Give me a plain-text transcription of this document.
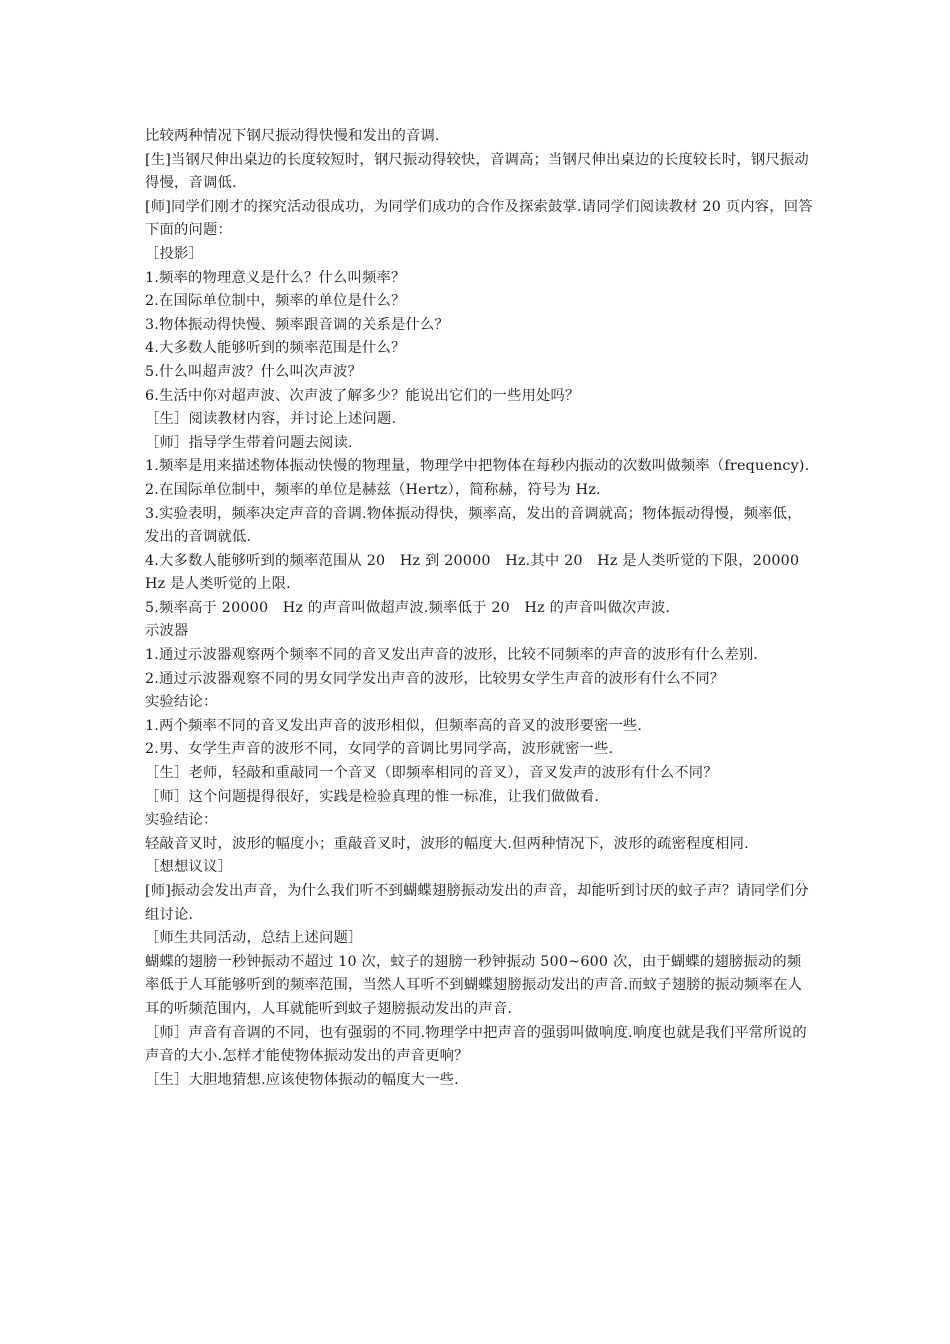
比较两种情况下钢尺振动得快慢和发出的音调.

[生]当钢尺伸出桌边的长度较短时，钢尺振动得较快，音调高；当钢尺伸出桌边的长度较长时，钢尺振动得慢，音调低.

[师]同学们刚才的探究活动很成功，为同学们成功的合作及探索鼓掌.请同学们阅读教材 20 页内容，回答下面的问题：

［投影］

1.频率的物理意义是什么？什么叫频率？

2.在国际单位制中，频率的单位是什么？

3.物体振动得快慢、频率跟音调的关系是什么？

4.大多数人能够听到的频率范围是什么？

5.什么叫超声波？什么叫次声波？

6.生活中你对超声波、次声波了解多少？能说出它们的一些用处吗？

［生］阅读教材内容，并讨论上述问题.

［师］指导学生带着问题去阅读.

1.频率是用来描述物体振动快慢的物理量，物理学中把物体在每秒内振动的次数叫做频率（frequency).

2.在国际单位制中，频率的单位是赫兹（Hertz），简称赫，符号为 Hz.

3.实验表明，频率决定声音的音调.物体振动得快，频率高，发出的音调就高；物体振动得慢，频率低，发出的音调就低.

4.大多数人能够听到的频率范围从 20　Hz 到 20000　Hz.其中 20　Hz 是人类听觉的下限，20000　Hz 是人类听觉的上限.

5.频率高于 20000　Hz 的声音叫做超声波.频率低于 20　Hz 的声音叫做次声波.

示波器

1.通过示波器观察两个频率不同的音叉发出声音的波形，比较不同频率的声音的波形有什么差别.

2.通过示波器观察不同的男女同学发出声音的波形，比较男女学生声音的波形有什么不同？

实验结论：

1.两个频率不同的音叉发出声音的波形相似，但频率高的音叉的波形要密一些.

2.男、女学生声音的波形不同，女同学的音调比男同学高，波形就密一些.

［生］老师，轻敲和重敲同一个音叉（即频率相同的音叉），音叉发声的波形有什么不同？

［师］这个问题提得很好，实践是检验真理的惟一标准，让我们做做看.

实验结论：

轻敲音叉时，波形的幅度小；重敲音叉时，波形的幅度大.但两种情况下，波形的疏密程度相同.

［想想议议］

[师]振动会发出声音，为什么我们听不到蝴蝶翅膀振动发出的声音，却能听到讨厌的蚊子声？请同学们分组讨论.

［师生共同活动，总结上述问题］

蝴蝶的翅膀一秒钟振动不超过 10 次，蚊子的翅膀一秒钟振动 500~600 次，由于蝴蝶的翅膀振动的频率低于人耳能够听到的频率范围，当然人耳听不到蝴蝶翅膀振动发出的声音.而蚊子翅膀的振动频率在人耳的听频范围内，人耳就能听到蚊子翅膀振动发出的声音.

［师］声音有音调的不同，也有强弱的不同.物理学中把声音的强弱叫做响度.响度也就是我们平常所说的声音的大小.怎样才能使物体振动发出的声音更响？

［生］大胆地猜想.应该使物体振动的幅度大一些.
